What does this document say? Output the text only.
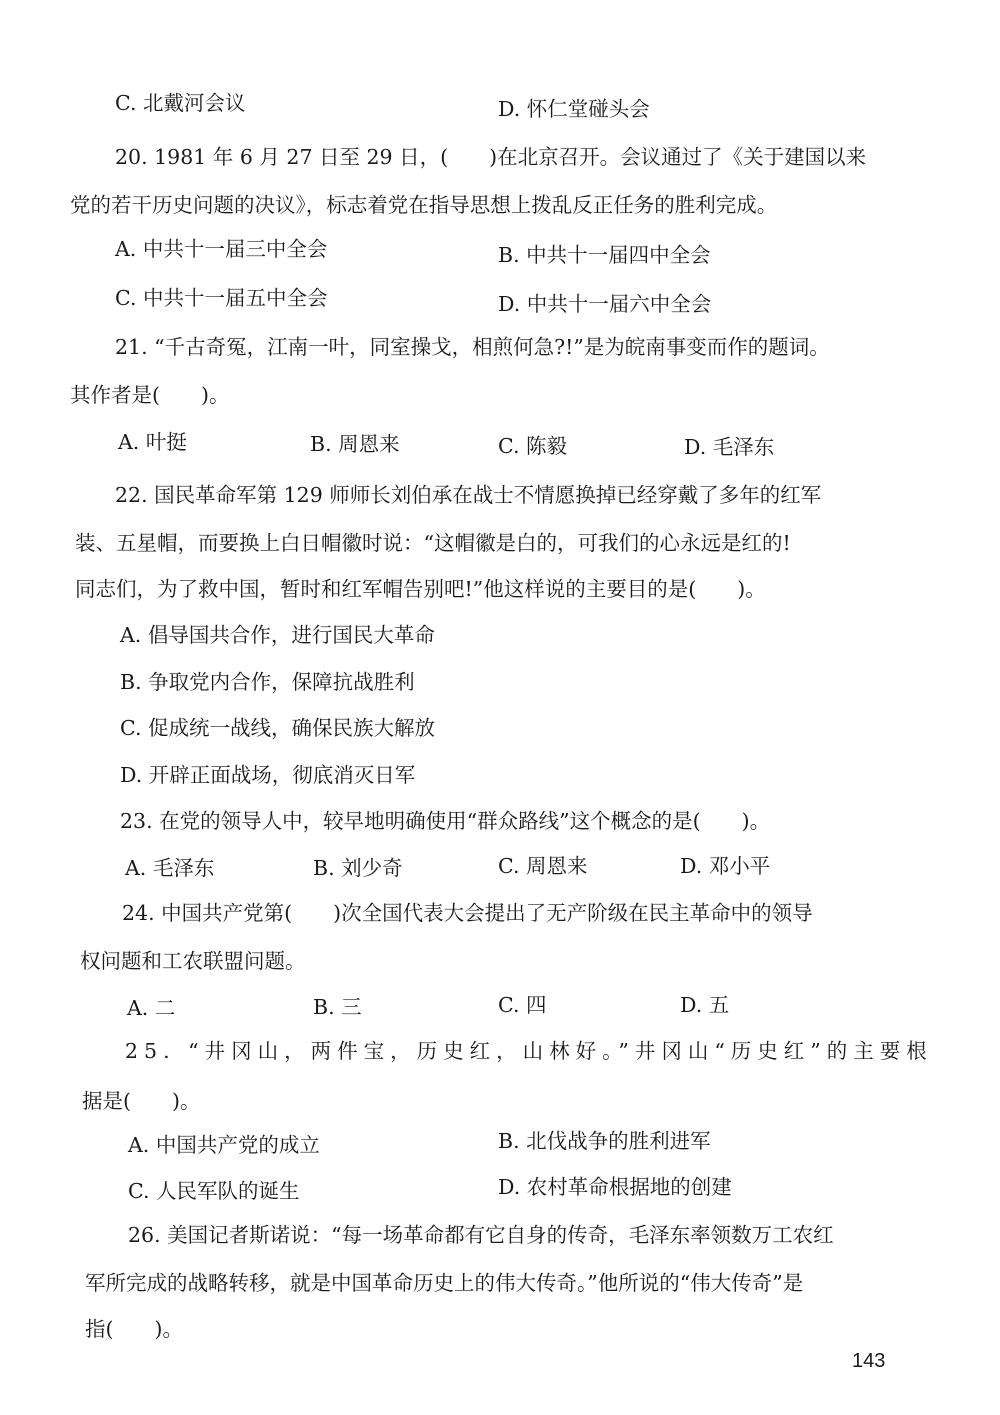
C. 北戴河会议	D. 怀仁堂碰头会
20. 1981 年 6 月 27 日至 29 日，(　　)在北京召开。会议通过了《关于建国以来
党的若干历史问题的决议》，标志着党在指导思想上拨乱反正任务的胜利完成。
A. 中共十一届三中全会	B. 中共十一届四中全会
C. 中共十一届五中全会	D. 中共十一届六中全会
21. “千古奇冤，江南一叶，同室操戈，相煎何急?!”是为皖南事变而作的题词。
其作者是(　　)。
A. 叶挺	B. 周恩来	C. 陈毅	D. 毛泽东
22. 国民革命军第 129 师师长刘伯承在战士不情愿换掉已经穿戴了多年的红军
装、五星帽，而要换上白日帽徽时说：“这帽徽是白的，可我们的心永远是红的!
同志们，为了救中国，暂时和红军帽告别吧!”他这样说的主要目的是(　　)。
A. 倡导国共合作，进行国民大革命
B. 争取党内合作，保障抗战胜利
C. 促成统一战线，确保民族大解放
D. 开辟正面战场，彻底消灭日军
23. 在党的领导人中，较早地明确使用“群众路线”这个概念的是(　　)。
A. 毛泽东	B. 刘少奇	C. 周恩来	D. 邓小平
24. 中国共产党第(　　)次全国代表大会提出了无产阶级在民主革命中的领导
权问题和工农联盟问题。
A. 二	B. 三	C. 四	D. 五
25. “井冈山，两件宝，历史红，山林好。”井冈山“历史红”的主要根
据是(　　)。
A. 中国共产党的成立	B. 北伐战争的胜利进军
C. 人民军队的诞生	D. 农村革命根据地的创建
26. 美国记者斯诺说：“每一场革命都有它自身的传奇，毛泽东率领数万工农红
军所完成的战略转移，就是中国革命历史上的伟大传奇。”他所说的“伟大传奇”是
指(　　)。
143
